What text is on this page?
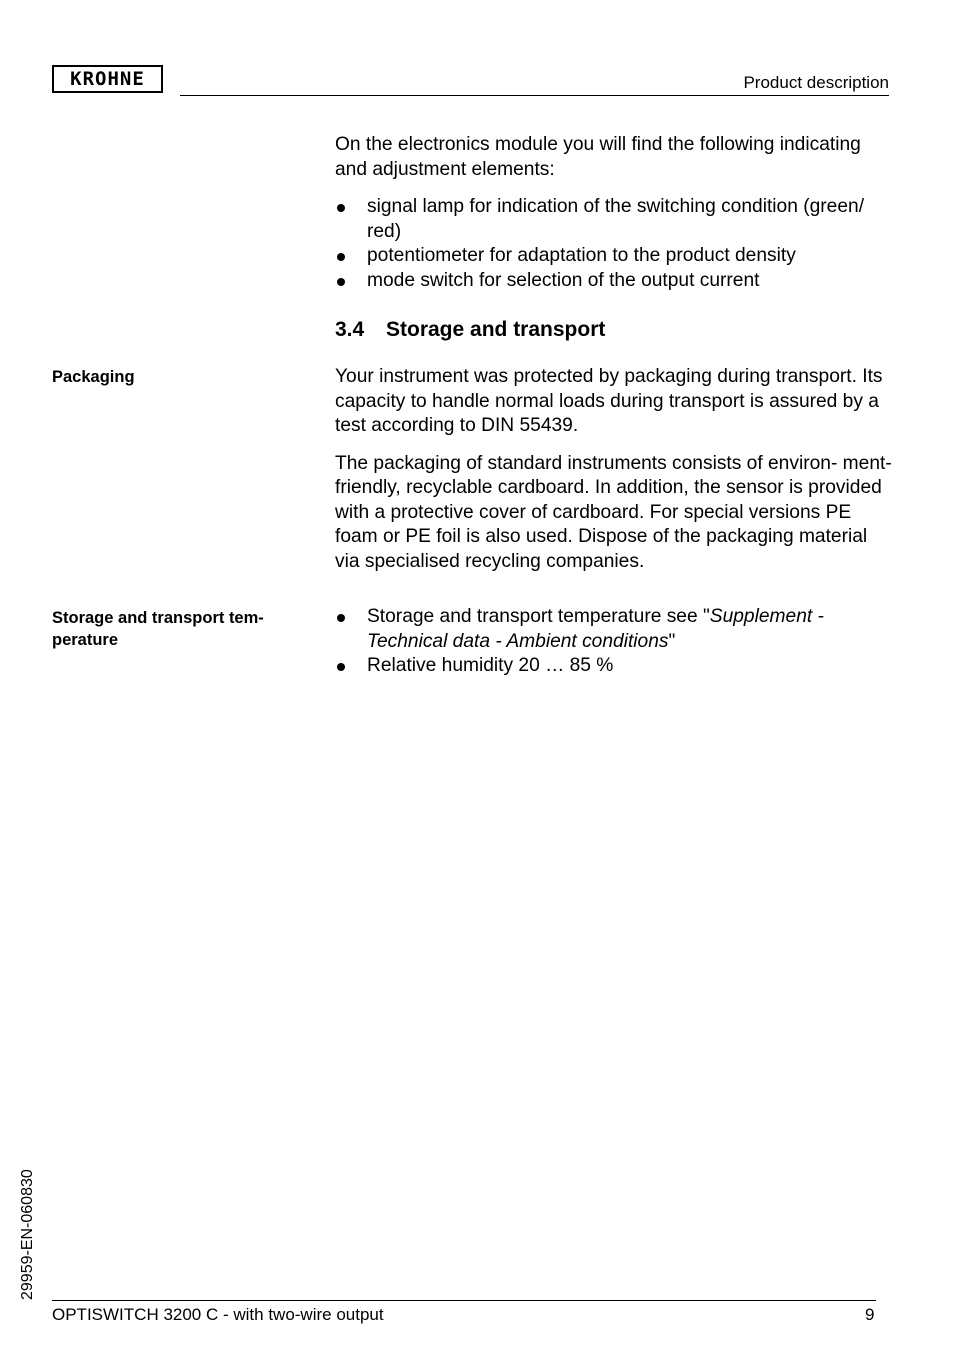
KROHNE	Product description

On the electronics module you will find the following indicating and adjustment elements:

signal lamp for indication of the switching condition (green/ red)
potentiometer for adaptation to the product density
mode switch for selection of the output current
3.4 Storage and transport
Packaging	Your instrument was protected by packaging during transport. Its capacity to handle normal loads during transport is assured by a test according to DIN 55439.

The packaging of standard instruments consists of environ- ment-friendly, recyclable cardboard. In addition, the sensor is provided with a protective cover of cardboard. For special versions PE foam or PE foil is also used. Dispose of the packaging material via specialised recycling companies.

Storage and transport tem- perature
Storage and transport temperature see "Supplement - Technical data - Ambient conditions"
Relative humidity 20 … 85 %
29959-EN-060830
OPTISWITCH 3200 C - with two-wire output	9
